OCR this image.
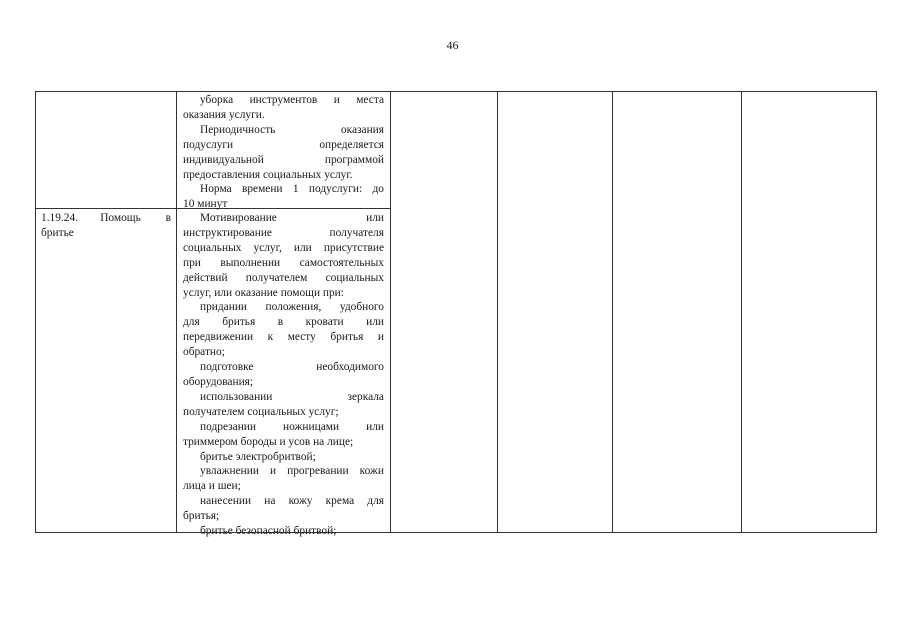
46
уборка инструментов и места
оказания услуги.
Периодичность оказания
подуслуги определяется
индивидуальной программой
предоставления социальных услуг.
Норма времени 1 подуслуги: до
10 минут
1.19.24. Помощь в
бритье
Мотивирование или
инструктирование получателя
социальных услуг, или присутствие
при выполнении самостоятельных
действий получателем социальных
услуг, или оказание помощи при:
придании положения, удобного
для бритья в кровати или
передвижении к месту бритья и
обратно;
подготовке необходимого
оборудования;
использовании зеркала
получателем социальных услуг;
подрезании ножницами или
триммером бороды и усов на лице;
бритье электробритвой;
увлажнении и прогревании кожи
лица и шеи;
нанесении на кожу крема для
бритья;
бритье безопасной бритвой;
